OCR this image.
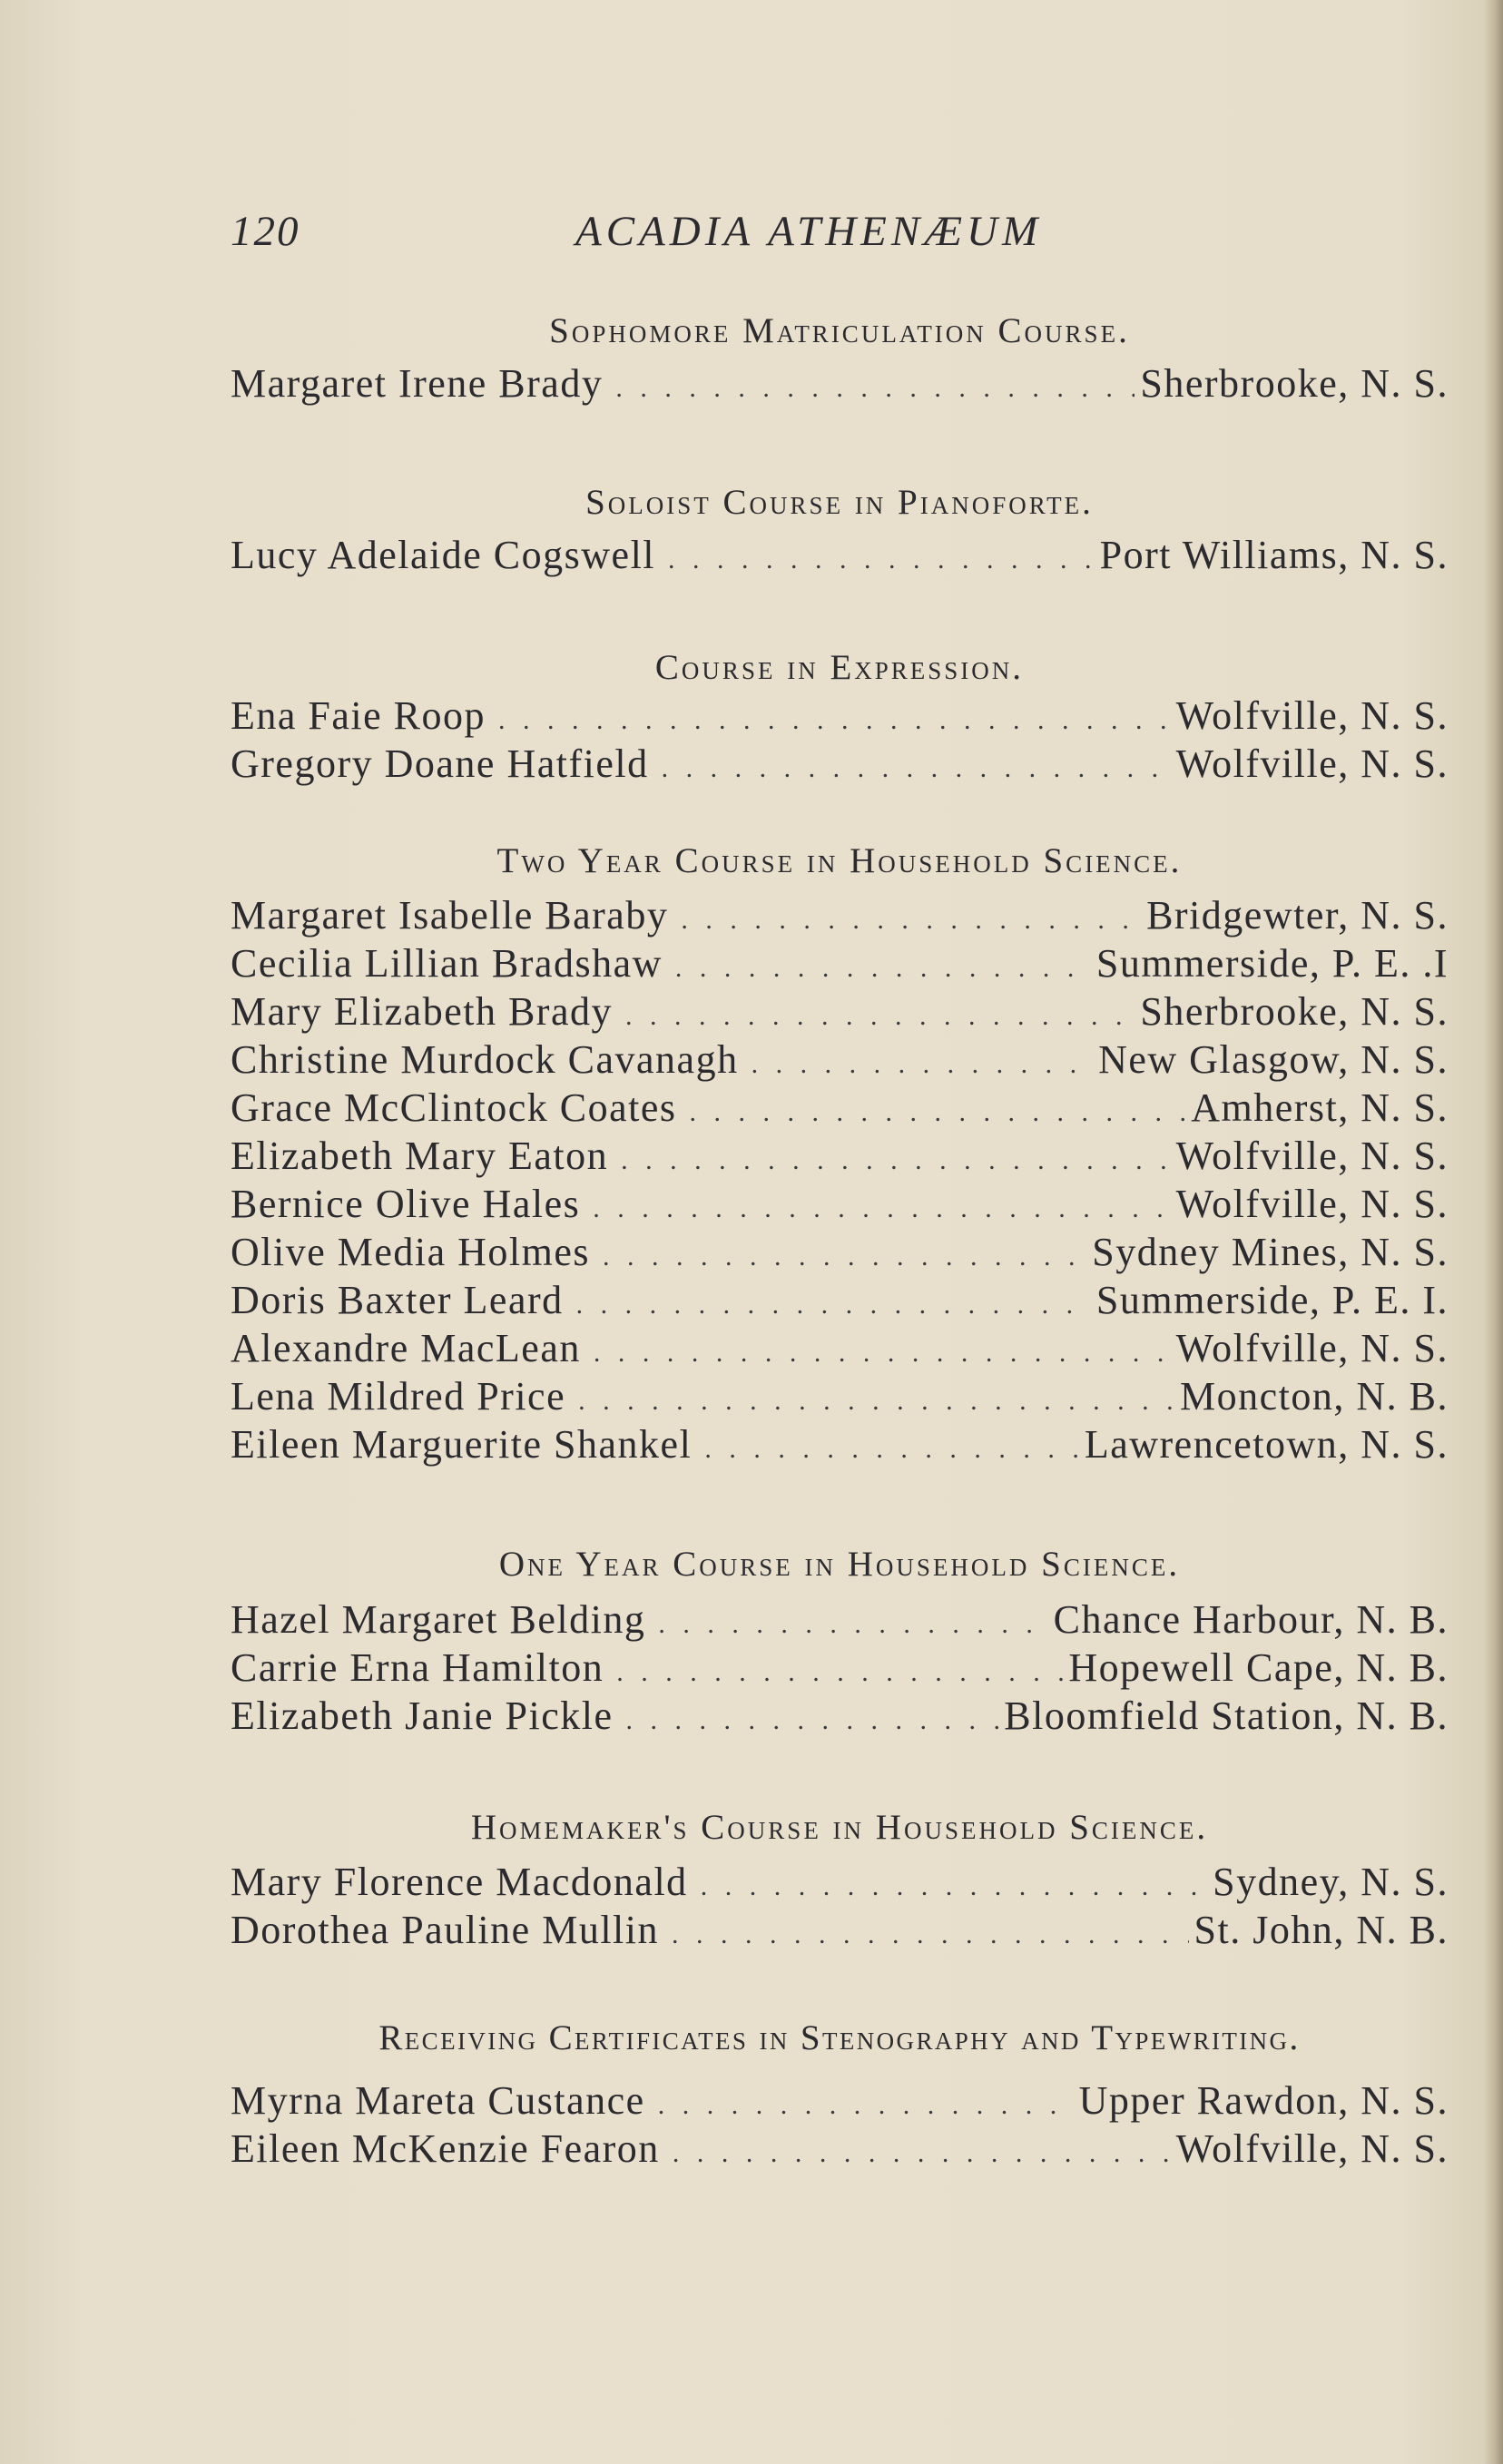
120	ACADIA ATHENÆUM
Sophomore Matriculation Course.
Margaret Irene Brady . . .	Sherbrooke, N. S.
Soloist Course in Pianoforte.
Lucy Adelaide Cogswell . . .	Port Williams, N. S.
Course in Expression.
Ena Faie Roop . . .	Wolfville, N. S.
Gregory Doane Hatfield . . .	Wolfville, N. S.
Two Year Course in Household Science.
Margaret Isabelle Baraby . . .	Bridgewter, N. S.
Cecilia Lillian Bradshaw . . .	Summerside, P. E. .I
Mary Elizabeth Brady . . .	Sherbrooke, N. S.
Christine Murdock Cavanagh . . .	New Glasgow, N. S.
Grace McClintock Coates . . .	Amherst, N. S.
Elizabeth Mary Eaton . . .	Wolfville, N. S.
Bernice Olive Hales . . .	Wolfville, N. S.
Olive Media Holmes . . .	Sydney Mines, N. S.
Doris Baxter Leard . . .	Summerside, P. E. I.
Alexandre MacLean . . .	Wolfville, N. S.
Lena Mildred Price . . .	Moncton, N. B.
Eileen Marguerite Shankel . . .	Lawrencetown, N. S.
One Year Course in Household Science.
Hazel Margaret Belding . . .	Chance Harbour, N. B.
Carrie Erna Hamilton . . .	Hopewell Cape, N. B.
Elizabeth Janie Pickle . . .	Bloomfield Station, N. B.
Homemaker's Course in Household Science.
Mary Florence Macdonald . . .	Sydney, N. S.
Dorothea Pauline Mullin . . .	St. John, N. B.
Receiving Certificates in Stenography and Typewriting.
Myrna Mareta Custance . . .	Upper Rawdon, N. S.
Eileen McKenzie Fearon . . .	Wolfville, N. S.
